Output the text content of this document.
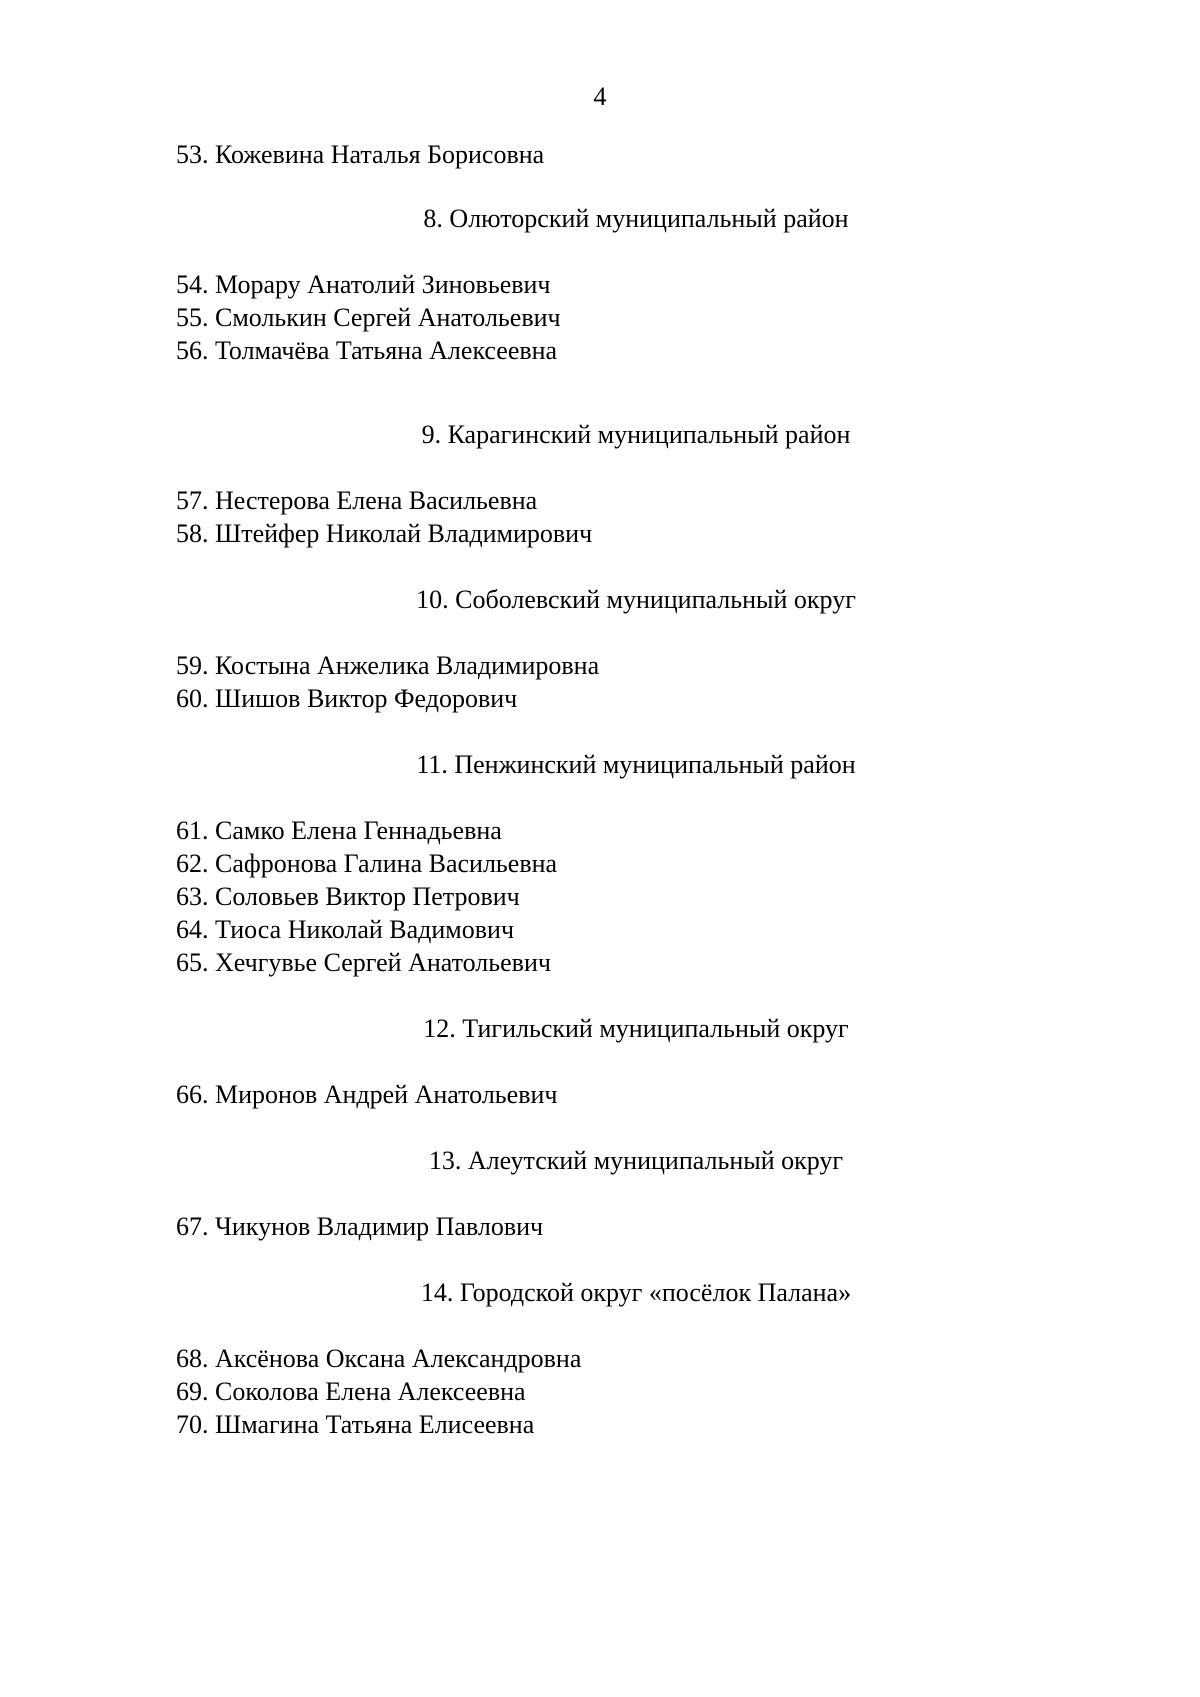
4
53. Кожевина Наталья Борисовна
8. Олюторский муниципальный район
54. Морару Анатолий Зиновьевич
55. Смолькин Сергей Анатольевич
56. Толмачёва Татьяна Алексеевна
9. Карагинский муниципальный район
57. Нестерова Елена Васильевна
58. Штейфер Николай Владимирович
10. Соболевский муниципальный округ
59. Костына Анжелика Владимировна
60. Шишов Виктор Федорович
11. Пенжинский муниципальный район
61. Самко Елена Геннадьевна
62. Сафронова Галина Васильевна
63. Соловьев Виктор Петрович
64. Тиоса Николай Вадимович
65. Хечгувье Сергей Анатольевич
12. Тигильский муниципальный округ
66. Миронов Андрей Анатольевич
13. Алеутский муниципальный округ
67. Чикунов Владимир Павлович
14. Городской округ «посёлок Палана»
68. Аксёнова Оксана Александровна
69. Соколова Елена Алексеевна
70. Шмагина Татьяна Елисеевна
